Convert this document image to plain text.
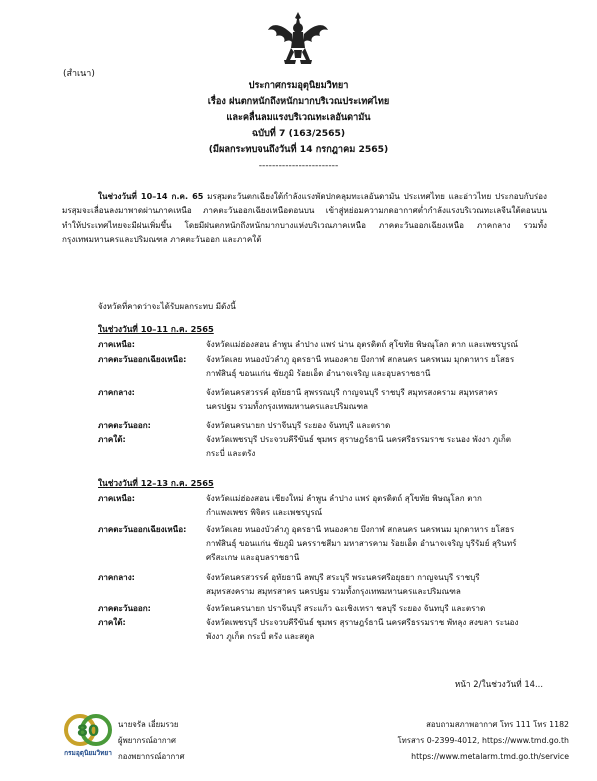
(สำเนา)
ประกาศกรมอุตุนิยมวิทยา
เรื่อง ฝนตกหนักถึงหนักมากบริเวณประเทศไทย
และคลื่นลมแรงบริเวณทะเลอันดามัน
ฉบับที่ 7 (163/2565)
(มีผลกระทบจนถึงวันที่ 14 กรกฎาคม 2565)
------------------------
ในช่วงวันที่ 10–14 ก.ค. 65 มรสุมตะวันตกเฉียงใต้กำลังแรงพัดปกคลุมทะเลอันดามัน ประเทศไทย และอ่าวไทย ประกอบกับร่องมรสุมจะเลื่อนลงมาพาดผ่านภาคเหนือ ภาคตะวันออกเฉียงเหนือตอนบน เข้าสู่หย่อมความกดอากาศต่ำกำลังแรงบริเวณทะเลจีนใต้ตอนบน ทำให้ประเทศไทยจะมีฝนเพิ่มขึ้น โดยมีฝนตกหนักถึงหนักมากบางแห่งบริเวณภาคเหนือ ภาคตะวันออกเฉียงเหนือ ภาคกลาง รวมทั้งกรุงเทพมหานครและปริมณฑล ภาคตะวันออก และภาคใต้
จังหวัดที่คาดว่าจะได้รับผลกระทบ มีดังนี้
ในช่วงวันที่ 10–11 ก.ค. 2565
ภาคเหนือ:	จังหวัดแม่ฮ่องสอน ลำพูน ลำปาง แพร่ น่าน อุตรดิตถ์ สุโขทัย พิษณุโลก ตาก และเพชรบูรณ์
ภาคตะวันออกเฉียงเหนือ:	จังหวัดเลย หนองบัวลำภู อุดรธานี หนองคาย บึงกาฬ สกลนคร นครพนม มุกดาหาร ยโสธร
กาฬสินธุ์ ขอนแก่น ชัยภูมิ ร้อยเอ็ด อำนาจเจริญ และอุบลราชธานี
ภาคกลาง:	จังหวัดนครสวรรค์ อุทัยธานี สุพรรณบุรี กาญจนบุรี ราชบุรี สมุทรสงคราม สมุทรสาคร
นครปฐม รวมทั้งกรุงเทพมหานครและปริมณฑล
ภาคตะวันออก:	จังหวัดนครนายก ปราจีนบุรี ระยอง จันทบุรี และตราด
ภาคใต้:	จังหวัดเพชรบุรี ประจวบคีรีขันธ์ ชุมพร สุราษฎร์ธานี นครศรีธรรมราช ระนอง พังงา ภูเก็ต
กระบี่ และตรัง
ในช่วงวันที่ 12–13 ก.ค. 2565
ภาคเหนือ:	จังหวัดแม่ฮ่องสอน เชียงใหม่ ลำพูน ลำปาง แพร่ อุตรดิตถ์ สุโขทัย พิษณุโลก ตาก
กำแพงเพชร พิจิตร และเพชรบูรณ์
ภาคตะวันออกเฉียงเหนือ:	จังหวัดเลย หนองบัวลำภู อุดรธานี หนองคาย บึงกาฬ สกลนคร นครพนม มุกดาหาร ยโสธร
กาฬสินธุ์ ขอนแก่น ชัยภูมิ นครราชสีมา มหาสารคาม ร้อยเอ็ด อำนาจเจริญ บุรีรัมย์ สุรินทร์
ศรีสะเกษ และอุบลราชธานี
ภาคกลาง:	จังหวัดนครสวรรค์ อุทัยธานี ลพบุรี สระบุรี พระนครศรีอยุธยา กาญจนบุรี ราชบุรี
สมุทรสงคราม สมุทรสาคร นครปฐม รวมทั้งกรุงเทพมหานครและปริมณฑล
ภาคตะวันออก:	จังหวัดนครนายก ปราจีนบุรี สระแก้ว ฉะเชิงเทรา ชลบุรี ระยอง จันทบุรี และตราด
ภาคใต้:	จังหวัดเพชรบุรี ประจวบคีรีขันธ์ ชุมพร สุราษฎร์ธานี นครศรีธรรมราช พัทลุง สงขลา ระนอง
พังงา ภูเก็ต กระบี่ ตรัง และสตูล
หน้า 2/ในช่วงวันที่ 14...
80
กรมอุตุนิยมวิทยา
นายจรัล เอี่ยมรวย
ผู้พยากรณ์อากาศ
กองพยากรณ์อากาศ
สอบถามสภาพอากาศ โทร 111 โทร 1182
โทรสาร 0-2399-4012, https://www.tmd.go.th
https://www.metalarm.tmd.go.th/service
